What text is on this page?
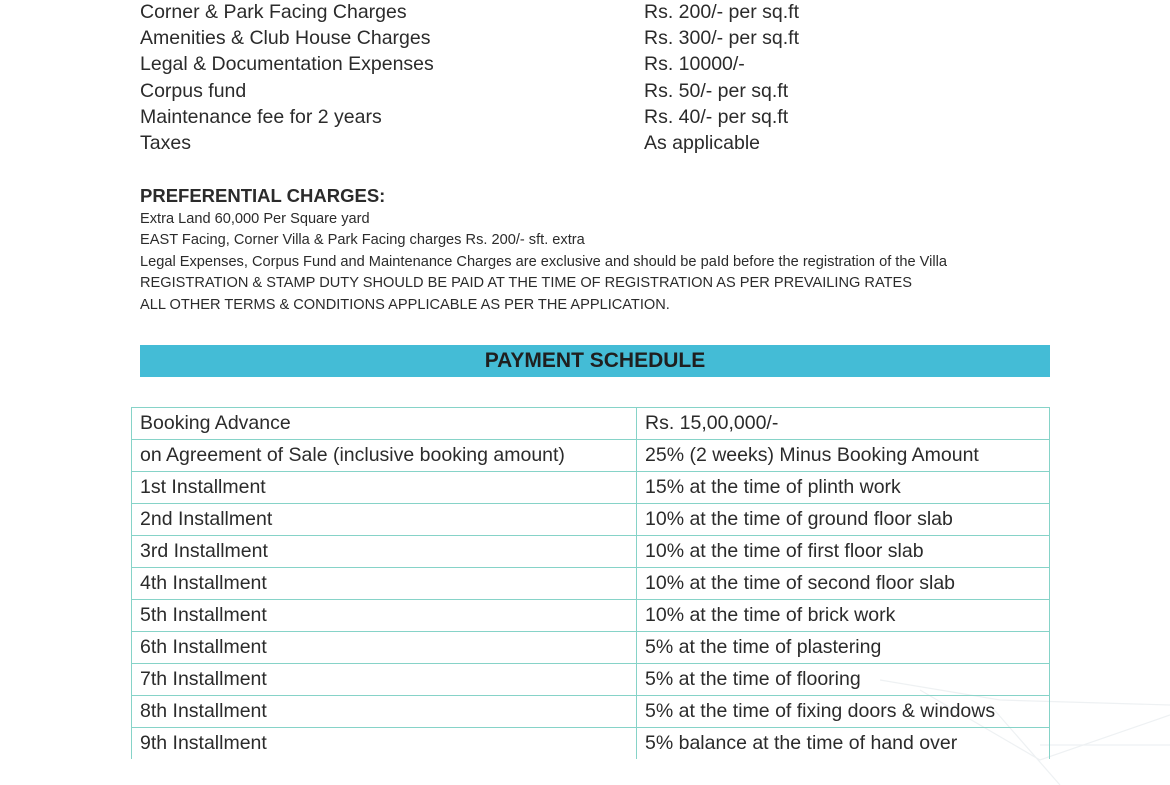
Corner & Park Facing Charges	Rs. 200/- per sq.ft
Amenities & Club House Charges	Rs. 300/- per sq.ft
Legal & Documentation Expenses	Rs. 10000/-
Corpus fund	Rs. 50/- per sq.ft
Maintenance fee for 2 years	Rs. 40/- per sq.ft
Taxes	As applicable
PREFERENTIAL CHARGES:
Extra Land 60,000 Per Square yard
EAST Facing, Corner Villa & Park Facing charges Rs. 200/- sft. extra
Legal Expenses, Corpus Fund and Maintenance Charges are exclusive and should be paId before the registration of the Villa
REGISTRATION & STAMP DUTY SHOULD BE PAID AT THE TIME OF REGISTRATION AS PER PREVAILING RATES
ALL OTHER TERMS & CONDITIONS APPLICABLE AS PER THE APPLICATION.
PAYMENT SCHEDULE
Booking Advance	Rs. 15,00,000/-
on Agreement of Sale (inclusive booking amount)	25% (2 weeks) Minus Booking Amount
1st Installment	15% at the time of plinth work
2nd Installment	10% at the time of ground floor slab
3rd Installment	10% at the time of first floor slab
4th Installment	10% at the time of second floor slab
5th Installment	10% at the time of brick work
6th Installment	5% at the time of plastering
7th Installment	5% at the time of flooring
8th Installment	5% at the time of fixing doors & windows
9th Installment	5% balance at the time of hand over
